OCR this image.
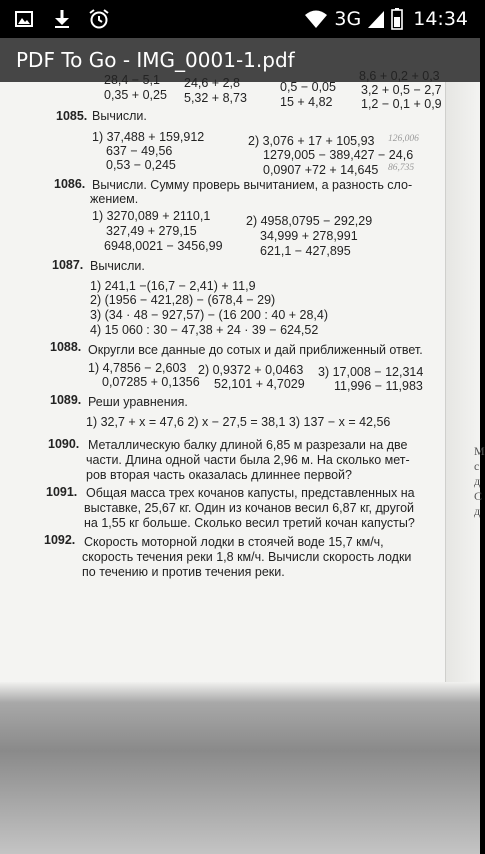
3G	14:34
PDF To Go - IMG_0001-1.pdf
28,4 − 5,1
0,35 + 0,25
24,6 + 2,8
5,32 + 8,73
0,5 − 0,05
15 + 4,82
8,6 + 0,2 + 0,3
3,2 + 0,5 − 2,7
1,2 − 0,1 + 0,9
1085. Вычисли.
1) 37,488 + 159,912
637 − 49,56
0,53 − 0,245
2) 3,076 + 17 + 105,93
1279,005 − 389,427 − 24,6
0,0907 +72 + 14,645
126,006
86,735
1086. Вычисли. Сумму проверь вычитанием, а разность сло-
жением.
1) 3270,089 + 2110,1
327,49 + 279,15
6948,0021 − 3456,99
2) 4958,0795 − 292,29
34,999 + 278,991
621,1 − 427,895
1087. Вычисли.
1) 241,1 −(16,7 − 2,41) + 11,9
2) (1956 − 421,28) − (678,4 − 29)
3) (34 · 48 − 927,57) − (16 200 : 40 + 28,4)
4) 15 060 : 30 − 47,38 + 24 · 39 − 624,52
1088. Округли все данные до сотых и дай приближенный ответ.
1) 4,7856 − 2,603
0,07285 + 0,1356
2) 0,9372 + 0,0463
52,101 + 4,7029
3) 17,008 − 12,314
11,996 − 11,983
1089. Реши уравнения.
1) 32,7 + x = 47,6 2) x − 27,5 = 38,1 3) 137 − x = 42,56
1090. Металлическую балку длиной 6,85 м разрезали на две
части. Длина одной части была 2,96 м. На сколько мет-
ров вторая часть оказалась длиннее первой?
1091. Общая масса трех кочанов капусты, представленных на
выставке, 25,67 кг. Один из кочанов весил 6,87 кг, другой
на 1,55 кг больше. Сколько весил третий кочан капусты?
1092. Скорость моторной лодки в стоячей воде 15,7 км/ч,
скорость течения реки 1,8 км/ч. Вычисли скорость лодки
по течению и против течения реки.
М
с
д
С
д
